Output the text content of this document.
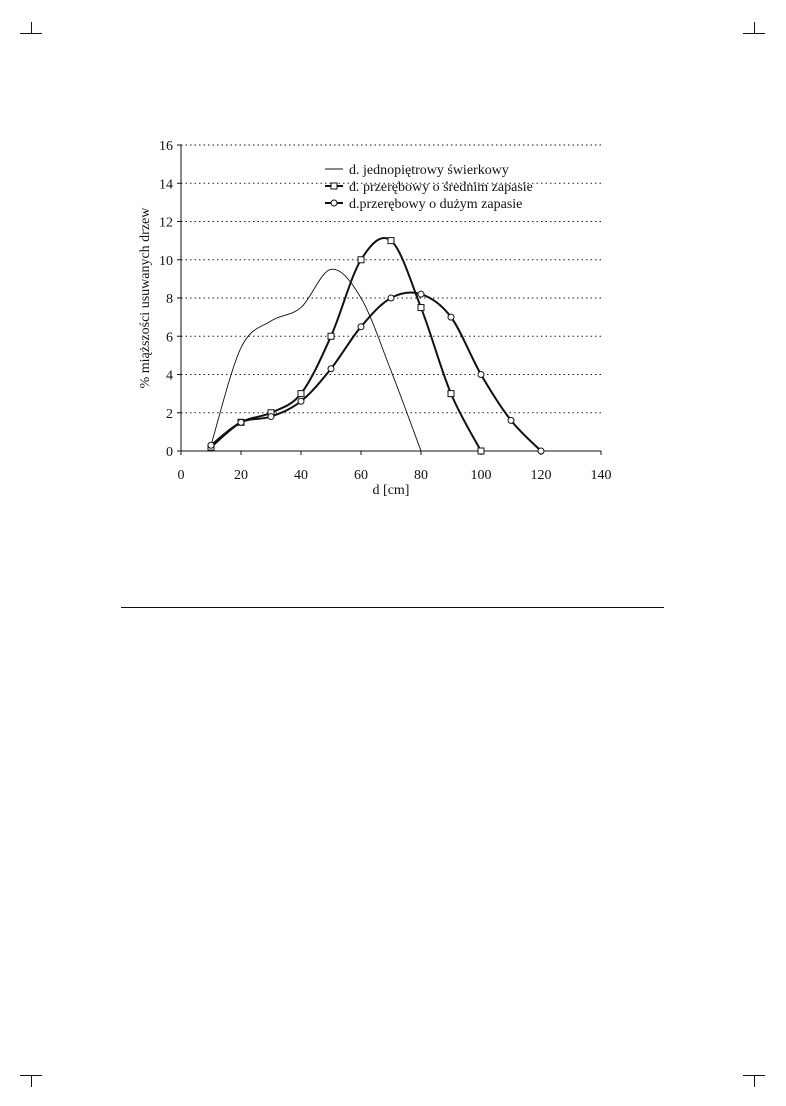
0
2
4
6
8
10
12
14
16
0	20	40	60	80	100	120	140
d. jednopiętrowy świerkowy
d. przerębowy o średnim zapasie
d.przerębowy o dużym zapasie
d [cm]
% miąższości usuwanych drzew
